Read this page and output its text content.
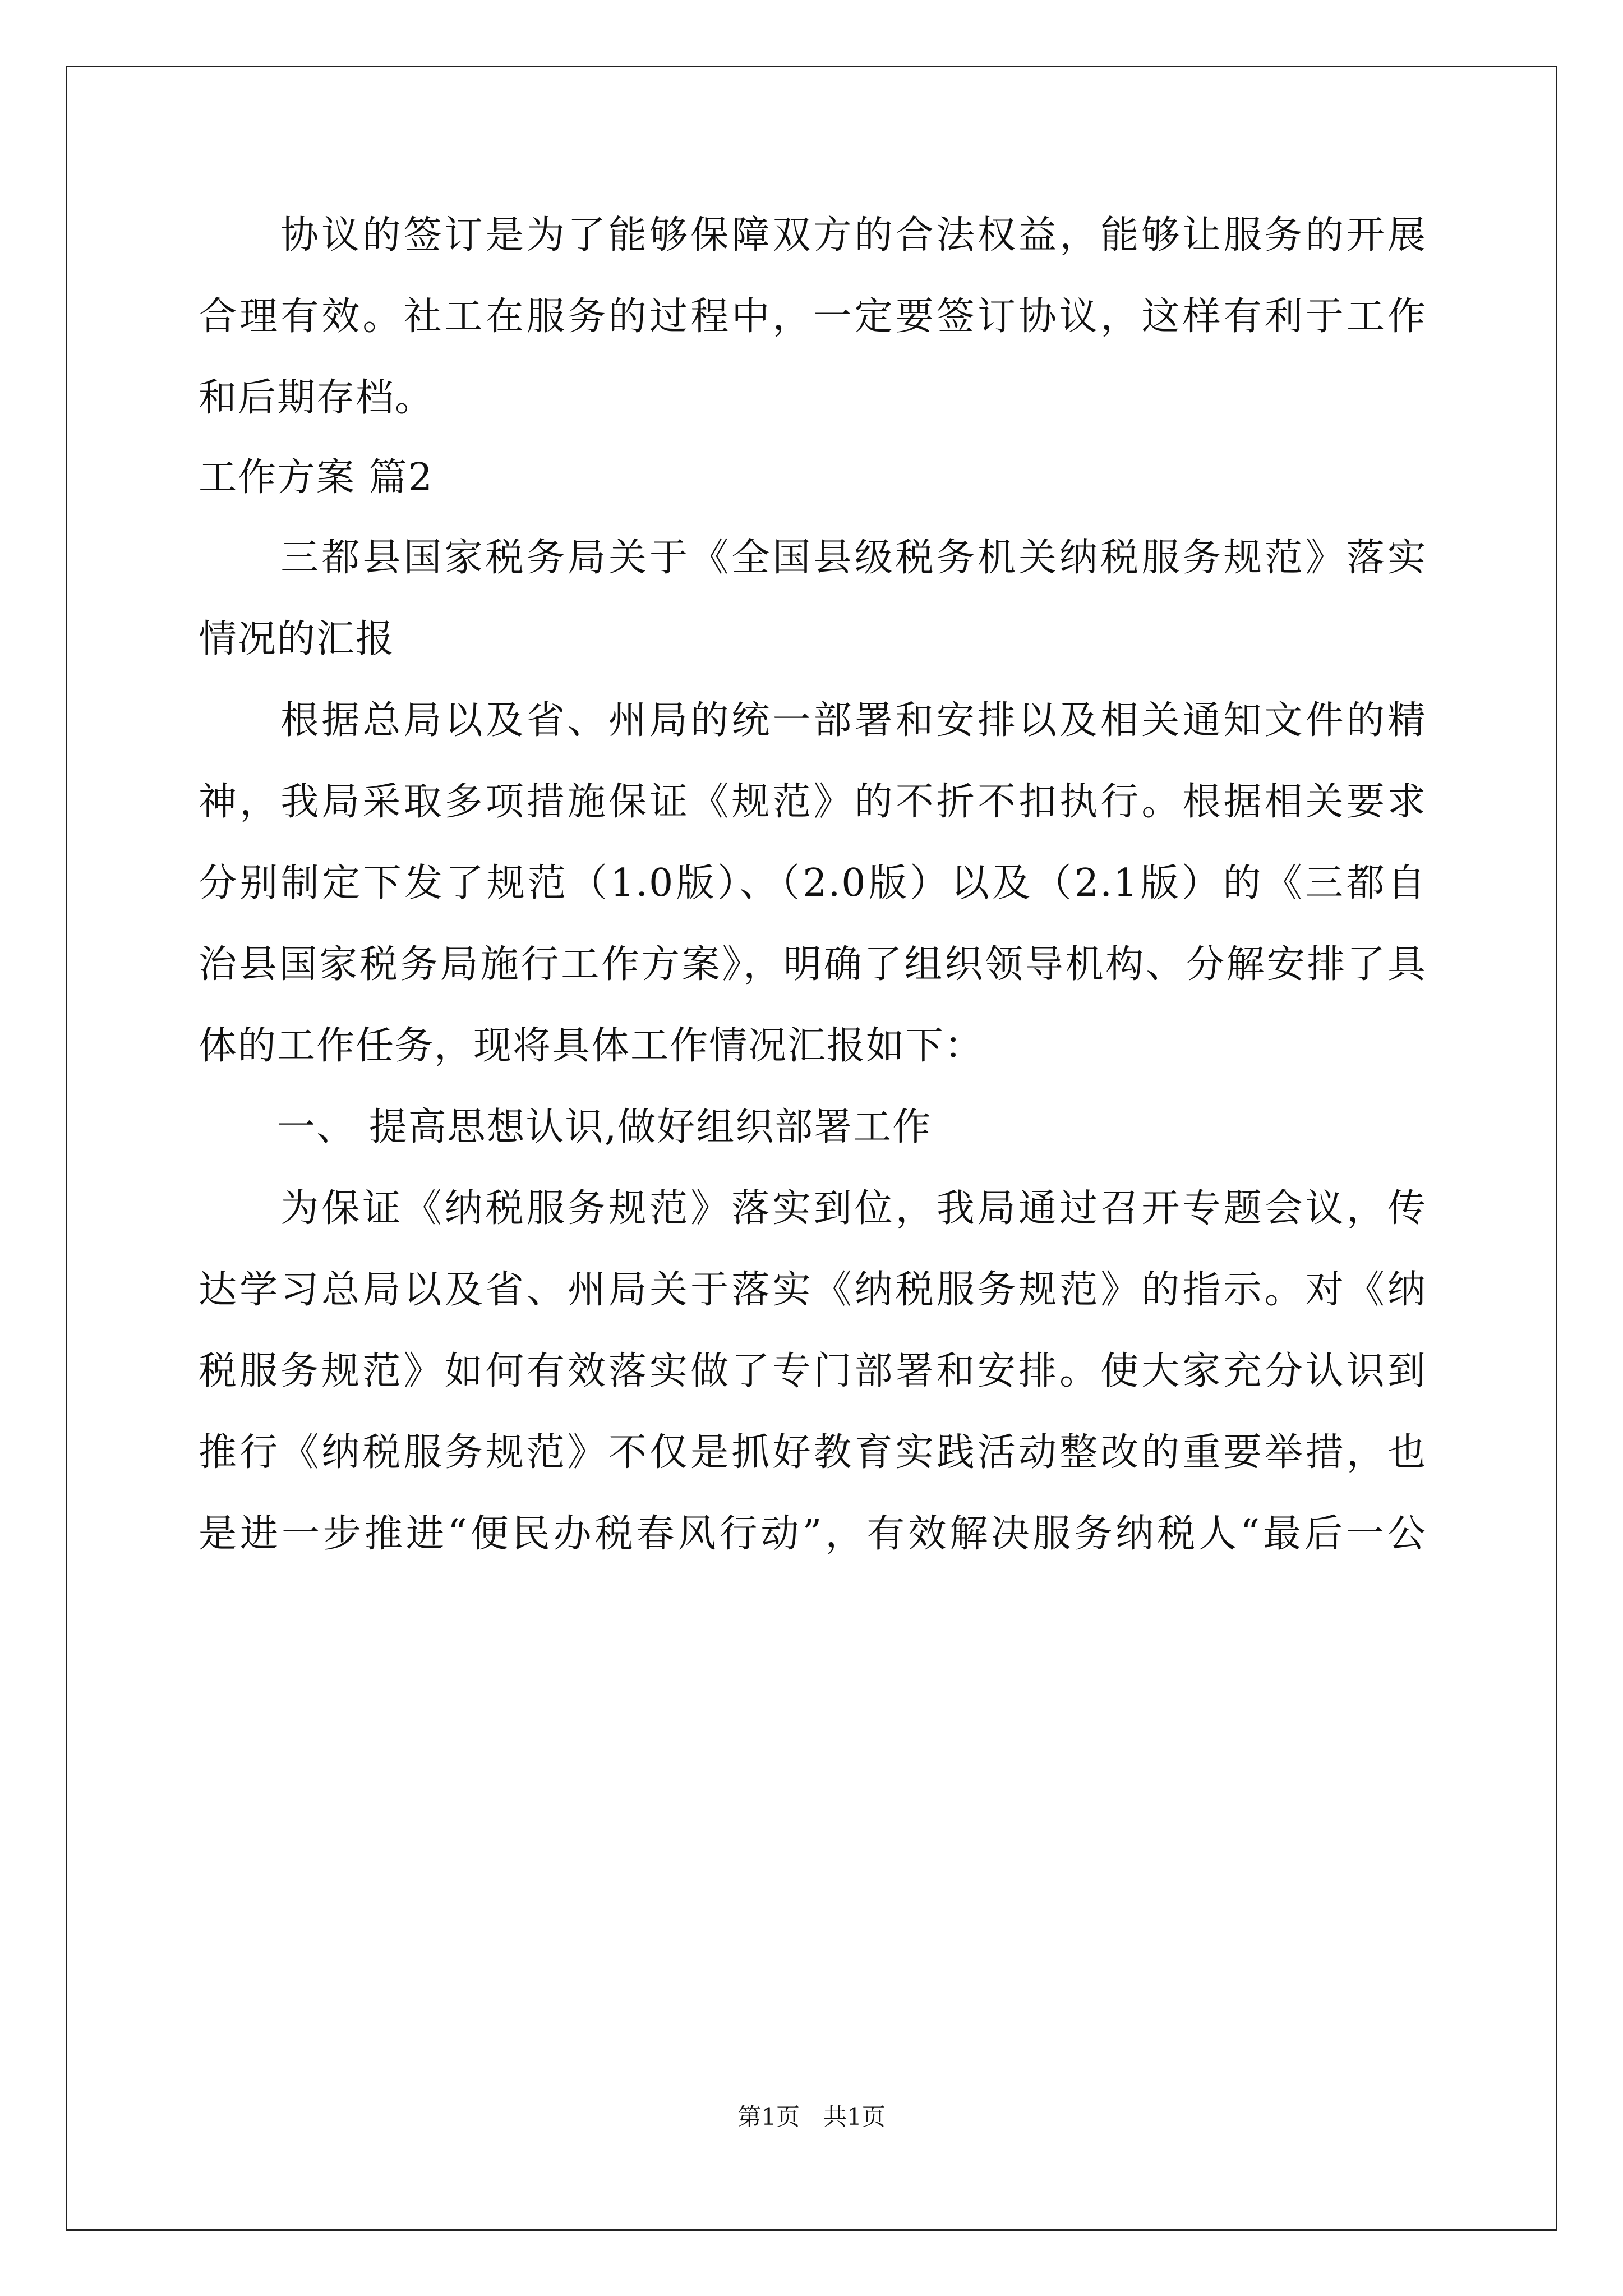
　　协议的签订是为了能够保障双方的合法权益，能够让服务的开展
合理有效。社工在服务的过程中，一定要签订协议，这样有利于工作
和后期存档。
工作方案 篇2
　　三都县国家税务局关于《全国县级税务机关纳税服务规范》落实
情况的汇报
　　根据总局以及省、州局的统一部署和安排以及相关通知文件的精
神，我局采取多项措施保证《规范》的不折不扣执行。根据相关要求
分别制定下发了规范（1.0版）、（2.0版）以及（2.1版）的《三都自
治县国家税务局施行工作方案》，明确了组织领导机构、分解安排了具
体的工作任务，现将具体工作情况汇报如下：
　　一、 提高思想认识,做好组织部署工作
　　为保证《纳税服务规范》落实到位，我局通过召开专题会议，传
达学习总局以及省、州局关于落实《纳税服务规范》的指示。对《纳
税服务规范》如何有效落实做了专门部署和安排。使大家充分认识到
推行《纳税服务规范》不仅是抓好教育实践活动整改的重要举措，也
是进一步推进“便民办税春风行动”，有效解决服务纳税人“最后一公
第1页　共1页
